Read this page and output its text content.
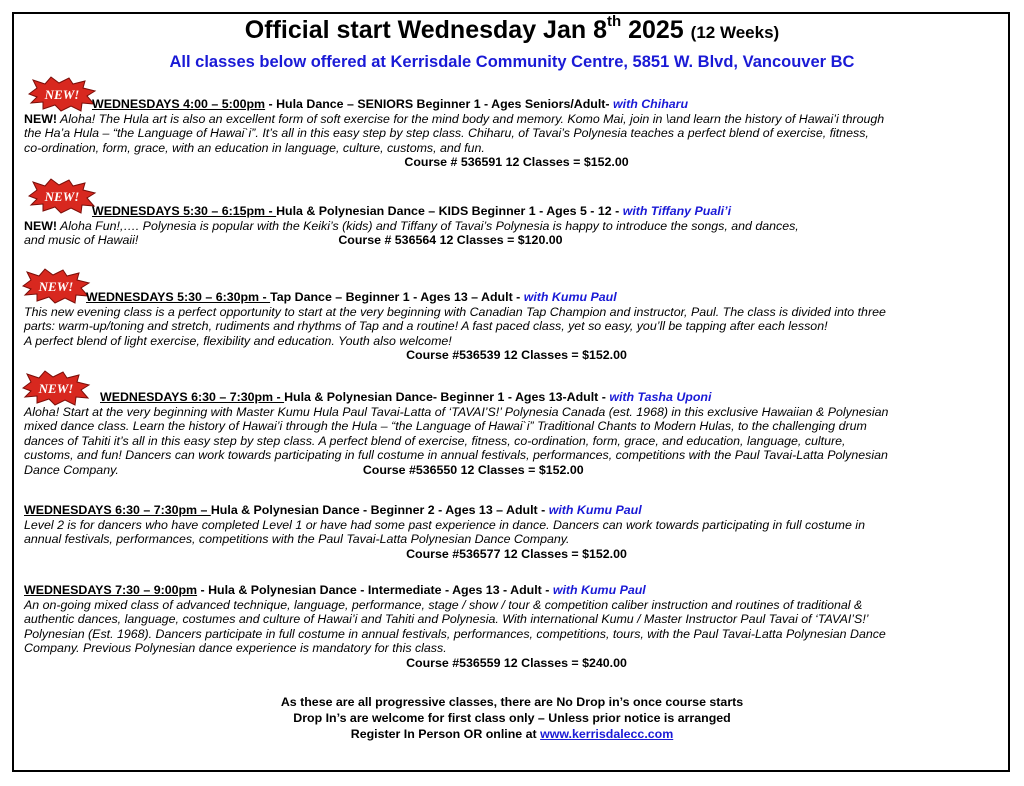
Official start Wednesday Jan 8th 2025 (12 Weeks)
All classes below offered at Kerrisdale Community Centre, 5851 W. Blvd, Vancouver BC
NEW!
NEW!
NEW!
NEW!
WEDNESDAYS 4:00 – 5:00pm - Hula Dance – SENIORS Beginner 1 - Ages Seniors/Adult- with Chiharu

NEW! Aloha! The Hula art is also an excellent form of soft exercise for the mind body and memory. Komo Mai, join in \and learn the history of Hawai’i through
the Ha’a Hula – “the Language of Hawai`i”. It’s all in this easy step by step class. Chiharu, of Tavai’s Polynesia teaches a perfect blend of exercise, fitness,
co-ordination, form, grace, with an education in language, culture, customs, and fun.

Course # 536591 12 Classes = $152.00
WEDNESDAYS 5:30 – 6:15pm - Hula & Polynesian Dance – KIDS Beginner 1 - Ages 5 - 12 - with Tiffany Puali’i

NEW! Aloha Fun!,…. Polynesia is popular with the Keiki’s (kids) and Tiffany of Tavai’s Polynesia is happy to introduce the songs, and dances,
and music of Hawaii!	Course # 536564 12 Classes = $120.00

WEDNESDAYS 5:30 – 6:30pm - Tap Dance – Beginner 1 - Ages 13 – Adult - with Kumu Paul

This new evening class is a perfect opportunity to start at the very beginning with Canadian Tap Champion and instructor, Paul. The class is divided into three
parts: warm-up/toning and stretch, rudiments and rhythms of Tap and a routine! A fast paced class, yet so easy, you’ll be tapping after each lesson!
A perfect blend of light exercise, flexibility and education. Youth also welcome!

Course #536539 12 Classes = $152.00
WEDNESDAYS 6:30 – 7:30pm - Hula & Polynesian Dance- Beginner 1 - Ages 13-Adult - with Tasha Uponi

Aloha! Start at the very beginning with Master Kumu Hula Paul Tavai-Latta of ‘TAVAI’S!’ Polynesia Canada (est. 1968) in this exclusive Hawaiian & Polynesian
mixed dance class. Learn the history of Hawai’i through the Hula – “the Language of Hawai`i” Traditional Chants to Modern Hulas, to the challenging drum
dances of Tahiti it’s all in this easy step by step class. A perfect blend of exercise, fitness, co-ordination, form, grace, and education, language, culture,
customs, and fun! Dancers can work towards participating in full costume in annual festivals, performances, competitions with the Paul Tavai-Latta Polynesian
Dance Company.	Course #536550 12 Classes = $152.00

WEDNESDAYS 6:30 – 7:30pm – Hula & Polynesian Dance - Beginner 2 - Ages 13 – Adult - with Kumu Paul

Level 2 is for dancers who have completed Level 1 or have had some past experience in dance. Dancers can work towards participating in full costume in
annual festivals, performances, competitions with the Paul Tavai-Latta Polynesian Dance Company.

Course #536577 12 Classes = $152.00
WEDNESDAYS 7:30 – 9:00pm - Hula & Polynesian Dance - Intermediate - Ages 13 - Adult - with Kumu Paul

An on-going mixed class of advanced technique, language, performance, stage / show / tour & competition caliber instruction and routines of traditional &
authentic dances, language, costumes and culture of Hawai’i and Tahiti and Polynesia. With international Kumu / Master Instructor Paul Tavai of ‘TAVAI’S!’
Polynesian (Est. 1968). Dancers participate in full costume in annual festivals, performances, competitions, tours, with the Paul Tavai-Latta Polynesian Dance
Company. Previous Polynesian dance experience is mandatory for this class.

Course #536559 12 Classes = $240.00
As these are all progressive classes, there are No Drop in’s once course starts
Drop In’s are welcome for first class only – Unless prior notice is arranged
Register In Person OR online at www.kerrisdalecc.com
